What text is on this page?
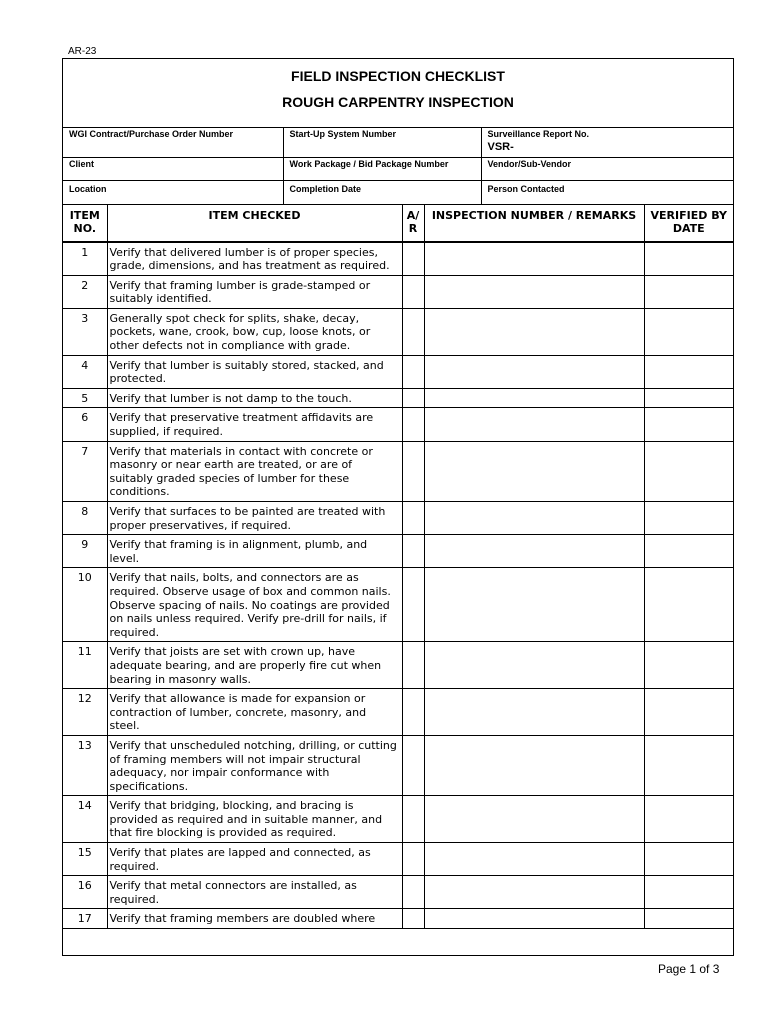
AR-23
FIELD INSPECTION CHECKLIST
ROUGH CARPENTRY INSPECTION
WGI Contract/Purchase Order Number	Start-Up System Number	Surveillance Report No.
VSR-

Client	Work Package / Bid Package Number	Vendor/Sub-Vendor
Location	Completion Date	Person Contacted
ITEM NO.	ITEM CHECKED	A/ R	INSPECTION NUMBER / REMARKS	VERIFIED BY DATE
1	Verify that delivered lumber is of proper species, grade, dimensions, and has treatment as required.			
2	Verify that framing lumber is grade-stamped or suitably identified.			
3	Generally spot check for splits, shake, decay, pockets, wane, crook, bow, cup, loose knots, or other defects not in compliance with grade.			
4	Verify that lumber is suitably stored, stacked, and protected.			
5	Verify that lumber is not damp to the touch.			
6	Verify that preservative treatment affidavits are supplied, if required.			
7	Verify that materials in contact with concrete or masonry or near earth are treated, or are of suitably graded species of lumber for these conditions.			
8	Verify that surfaces to be painted are treated with proper preservatives, if required.			
9	Verify that framing is in alignment, plumb, and level.			
10	Verify that nails, bolts, and connectors are as required. Observe usage of box and common nails. Observe spacing of nails. No coatings are provided on nails unless required. Verify pre-drill for nails, if required.			
11	Verify that joists are set with crown up, have adequate bearing, and are properly fire cut when bearing in masonry walls.			
12	Verify that allowance is made for expansion or contraction of lumber, concrete, masonry, and steel.			
13	Verify that unscheduled notching, drilling, or cutting of framing members will not impair structural adequacy, nor impair conformance with specifications.			
14	Verify that bridging, blocking, and bracing is provided as required and in suitable manner, and that fire blocking is provided as required.			
15	Verify that plates are lapped and connected, as required.			
16	Verify that metal connectors are installed, as required.			
17	Verify that framing members are doubled where			
Page 1 of 3
